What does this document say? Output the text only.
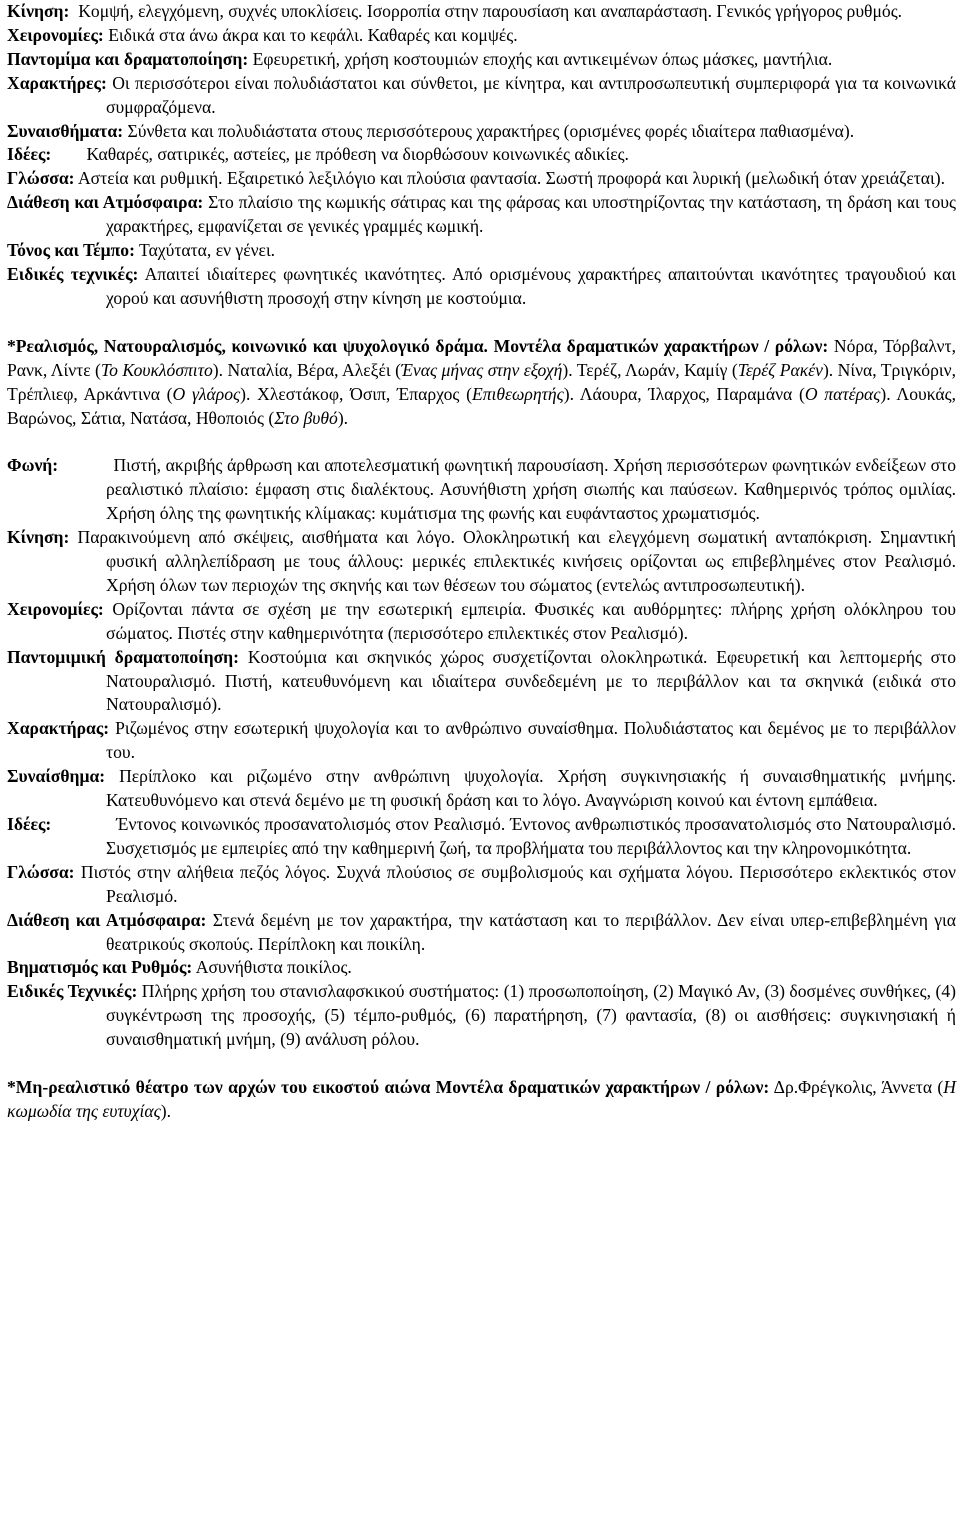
Κίνηση: Κομψή, ελεγχόμενη, συχνές υποκλίσεις. Ισορροπία στην παρουσίαση και αναπαράσταση. Γενικός γρήγορος ρυθμός.
Χειρονομίες: Ειδικά στα άνω άκρα και το κεφάλι. Καθαρές και κομψές.
Παντομίμα και δραματοποίηση: Εφευρετική, χρήση κοστουμιών εποχής και αντικειμένων όπως μάσκες, μαντήλια.
Χαρακτήρες: Οι περισσότεροι είναι πολυδιάστατοι και σύνθετοι, με κίνητρα, και αντιπροσωπευτική συμπεριφορά για τα κοινωνικά συμφραζόμενα.
Συναισθήματα: Σύνθετα και πολυδιάστατα στους περισσότερους χαρακτήρες (ορισμένες φορές ιδιαίτερα παθιασμένα).
Ιδέες: Καθαρές, σατιρικές, αστείες, με πρόθεση να διορθώσουν κοινωνικές αδικίες.
Γλώσσα: Αστεία και ρυθμική. Εξαιρετικό λεξιλόγιο και πλούσια φαντασία. Σωστή προφορά και λυρική (μελωδική όταν χρειάζεται).
Διάθεση και Ατμόσφαιρα: Στο πλαίσιο της κωμικής σάτιρας και της φάρσας και υποστηρίζοντας την κατάσταση, τη δράση και τους χαρακτήρες, εμφανίζεται σε γενικές γραμμές κωμική.
Τόνος και Τέμπο: Ταχύτατα, εν γένει.
Ειδικές τεχνικές: Απαιτεί ιδιαίτερες φωνητικές ικανότητες. Από ορισμένους χαρακτήρες απαιτούνται ικανότητες τραγουδιού και χορού και ασυνήθιστη προσοχή στην κίνηση με κοστούμια.
*Ρεαλισμός, Νατουραλισμός, κοινωνικό και ψυχολογικό δράμα. Μοντέλα δραματικών χαρακτήρων / ρόλων: Νόρα, Τόρβαλντ, Ρανκ, Λίντε (Το Κουκλόσπιτο). Ναταλία, Βέρα, Αλεξέι (Ένας μήνας στην εξοχή). Τερέζ, Λωράν, Καμίγ (Τερέζ Ρακέν). Νίνα, Τριγκόριν, Τρέπλιεφ, Αρκάντινα (Ο γλάρος). Χλεστάκοφ, Όσιπ, Έπαρχος (Επιθεωρητής). Λάουρα, Ίλαρχος, Παραμάνα (Ο πατέρας). Λουκάς, Βαρώνος, Σάτια, Νατάσα, Ηθοποιός (Στο βυθό).
Φωνή:	Πιστή, ακριβής άρθρωση και αποτελεσματική φωνητική παρουσίαση. Χρήση περισσότερων φωνητικών ενδείξεων στο ρεαλιστικό πλαίσιο: έμφαση στις διαλέκτους. Ασυνήθιστη χρήση σιωπής και παύσεων. Καθημερινός τρόπος ομιλίας. Χρήση όλης της φωνητικής κλίμακας: κυμάτισμα της φωνής και ευφάνταστος χρωματισμός.
Κίνηση: Παρακινούμενη από σκέψεις, αισθήματα και λόγο. Ολοκληρωτική και ελεγχόμενη σωματική ανταπόκριση. Σημαντική φυσική αλληλεπίδραση με τους άλλους: μερικές επιλεκτικές κινήσεις ορίζονται ως επιβεβλημένες στον Ρεαλισμό. Χρήση όλων των περιοχών της σκηνής και των θέσεων του σώματος (εντελώς αντιπροσωπευτική).
Χειρονομίες: Ορίζονται πάντα σε σχέση με την εσωτερική εμπειρία. Φυσικές και αυθόρμητες: πλήρης χρήση ολόκληρου του σώματος. Πιστές στην καθημερινότητα (περισσότερο επιλεκτικές στον Ρεαλισμό).
Παντομιμική δραματοποίηση: Κοστούμια και σκηνικός χώρος συσχετίζονται ολοκληρωτικά. Εφευρετική και λεπτομερής στο Νατουραλισμό. Πιστή, κατευθυνόμενη και ιδιαίτερα συνδεδεμένη με το περιβάλλον και τα σκηνικά (ειδικά στο Νατουραλισμό).
Χαρακτήρας: Ριζωμένος στην εσωτερική ψυχολογία και το ανθρώπινο συναίσθημα. Πολυδιάστατος και δεμένος με το περιβάλλον του.
Συναίσθημα: Περίπλοκο και ριζωμένο στην ανθρώπινη ψυχολογία. Χρήση συγκινησιακής ή συναισθηματικής μνήμης. Κατευθυνόμενο και στενά δεμένο με τη φυσική δράση και το λόγο. Αναγνώριση κοινού και έντονη εμπάθεια.
Ιδέες:	Έντονος κοινωνικός προσανατολισμός στον Ρεαλισμό. Έντονος ανθρωπιστικός προσανατολισμός στο Νατουραλισμό. Συσχετισμός με εμπειρίες από την καθημερινή ζωή, τα προβλήματα του περιβάλλοντος και την κληρονομικότητα.
Γλώσσα: Πιστός στην αλήθεια πεζός λόγος. Συχνά πλούσιος σε συμβολισμούς και σχήματα λόγου. Περισσότερο εκλεκτικός στον Ρεαλισμό.
Διάθεση και Ατμόσφαιρα: Στενά δεμένη με τον χαρακτήρα, την κατάσταση και το περιβάλλον. Δεν είναι υπερ-επιβεβλημένη για θεατρικούς σκοπούς. Περίπλοκη και ποικίλη.
Βηματισμός και Ρυθμός: Ασυνήθιστα ποικίλος.
Ειδικές Τεχνικές: Πλήρης χρήση του στανισλαφσκικού συστήματος: (1) προσωποποίηση, (2) Μαγικό Αν, (3) δοσμένες συνθήκες, (4) συγκέντρωση της προσοχής, (5) τέμπο-ρυθμός, (6) παρατήρηση, (7) φαντασία, (8) οι αισθήσεις: συγκινησιακή ή συναισθηματική μνήμη, (9) ανάλυση ρόλου.
*Μη-ρεαλιστικό θέατρο των αρχών του εικοστού αιώνα Μοντέλα δραματικών χαρακτήρων / ρόλων: Δρ.Φρέγκολις, Άννετα (Η κωμωδία της ευτυχίας).
